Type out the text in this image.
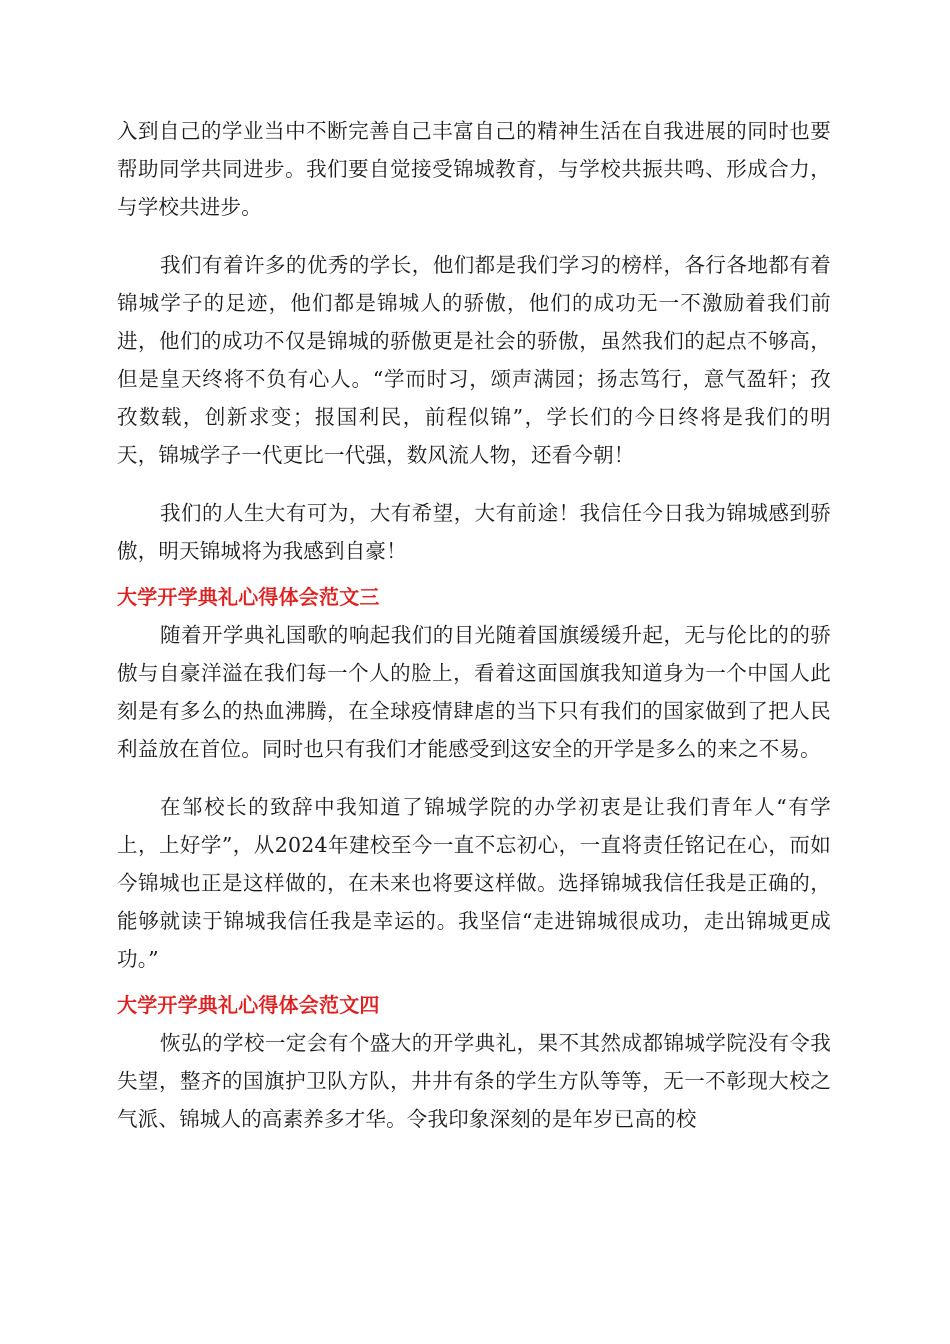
入到自己的学业当中不断完善自己丰富自己的精神生活在自我进展的同时也要帮助同学共同进步。我们要自觉接受锦城教育，与学校共振共鸣、形成合力，与学校共进步。

我们有着许多的优秀的学长，他们都是我们学习的榜样，各行各地都有着锦城学子的足迹，他们都是锦城人的骄傲，他们的成功无一不激励着我们前进，他们的成功不仅是锦城的骄傲更是社会的骄傲，虽然我们的起点不够高，但是皇天终将不负有心人。“学而时习，颂声满园；扬志笃行，意气盈轩；孜孜数载，创新求变；报国利民，前程似锦”，学长们的今日终将是我们的明天，锦城学子一代更比一代强，数风流人物，还看今朝！

我们的人生大有可为，大有希望，大有前途！我信任今日我为锦城感到骄傲，明天锦城将为我感到自豪！

大学开学典礼心得体会范文三

随着开学典礼国歌的响起我们的目光随着国旗缓缓升起，无与伦比的的骄傲与自豪洋溢在我们每一个人的脸上，看着这面国旗我知道身为一个中国人此刻是有多么的热血沸腾，在全球疫情肆虐的当下只有我们的国家做到了把人民利益放在首位。同时也只有我们才能感受到这安全的开学是多么的来之不易。

在邹校长的致辞中我知道了锦城学院的办学初衷是让我们青年人“有学上，上好学”，从2024年建校至今一直不忘初心，一直将责任铭记在心，而如今锦城也正是这样做的，在未来也将要这样做。选择锦城我信任我是正确的，能够就读于锦城我信任我是幸运的。我坚信“走进锦城很成功，走出锦城更成功。”

大学开学典礼心得体会范文四

恢弘的学校一定会有个盛大的开学典礼，果不其然成都锦城学院没有令我失望，整齐的国旗护卫队方队，井井有条的学生方队等等，无一不彰现大校之气派、锦城人的高素养多才华。令我印象深刻的是年岁已高的校
